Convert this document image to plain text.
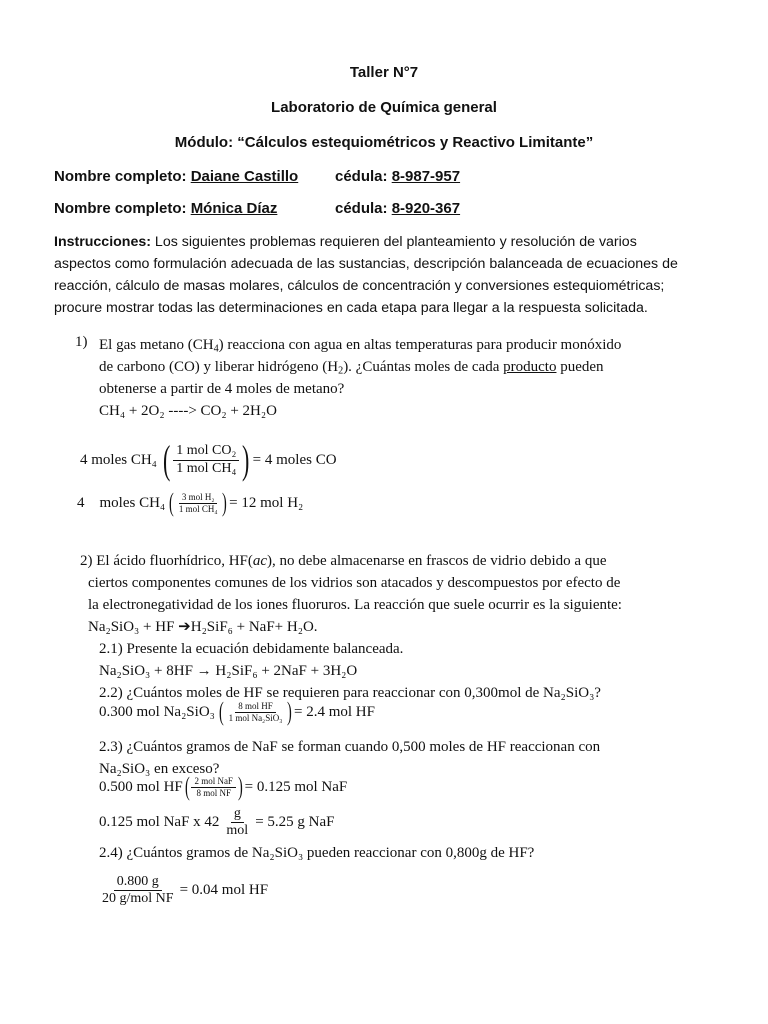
Taller N°7
Laboratorio de Química general
Módulo: “Cálculos estequiométricos y Reactivo Limitante”
Nombre completo: Daiane Castillo cédula: 8-987-957
Nombre completo: Mónica Díaz	cédula: 8-920-367
Instrucciones: Los siguientes problemas requieren del planteamiento y resolución de varios
aspectos como formulación adecuada de las sustancias, descripción balanceada de ecuaciones de
reacción, cálculo de masas molares, cálculos de concentración y conversiones estequiométricas;
procure mostrar todas las determinaciones en cada etapa para llegar a la respuesta solicitada.
1) El gas metano $(CH_4)$ reacciona con agua en altas temperaturas para producir monóxido
de carbono (CO) y liberar hidrógeno $(H_2)$. ¿Cuántas moles de cada producto pueden
obtenerse a partir de 4 moles de metano?
CH₄ + 2O₂ ----> CO₂ + 2H₂O
4 moles CH₄ ( $\frac{\text{1 mol CO₂}}{\text{1 mol CH₄}}$ ) = 4 moles CO
4    moles CH₄ ( $\frac{\text{3 mol H₂}}{\text{1 mol CH₄}}$ ) = 12 mol H₂
2) El ácido fluorhídrico, HF(ac), no debe almacenarse en frascos de vidrio debido a que
ciertos componentes comunes de los vidrios son atacados y descompuestos por efecto de
la electronegatividad de los iones fluoruros. La reacción que suele ocurrir es la siguiente:
Na₂SiO₃ + HF ➔H₂SiF₆ + NaF+ H₂O.
2.1) Presente la ecuación debidamente balanceada.
Na₂SiO₃ + 8HF → H₂SiF₆ + 2NaF + 3H₂O
2.2) ¿Cuántos moles de HF se requieren para reaccionar con 0,300mol de Na₂SiO₃?
0.300 mol Na₂SiO₃ ( $\frac{\text{8 mol HF}}{\text{1 mol Na₂SiO₃}}$ ) = 2.4 mol HF
2.3) ¿Cuántos gramos de NaF se forman cuando 0,500 moles de HF reaccionan con
Na₂SiO₃ en exceso?
0.500 mol HF ( $\frac{\text{2 mol NaF}}{\text{8 mol NF}}$ ) = 0.125 mol NaF
0.125 mol NaF x $42 \frac{g}{\text{mol}} = 5.25$ g NaF
2.4) ¿Cuántos gramos de Na₂SiO₃ pueden reaccionar con 0,800g de HF?
$\frac{0.800 g}{\text{20 g/mol NF}} = 0.04$ mol HF
